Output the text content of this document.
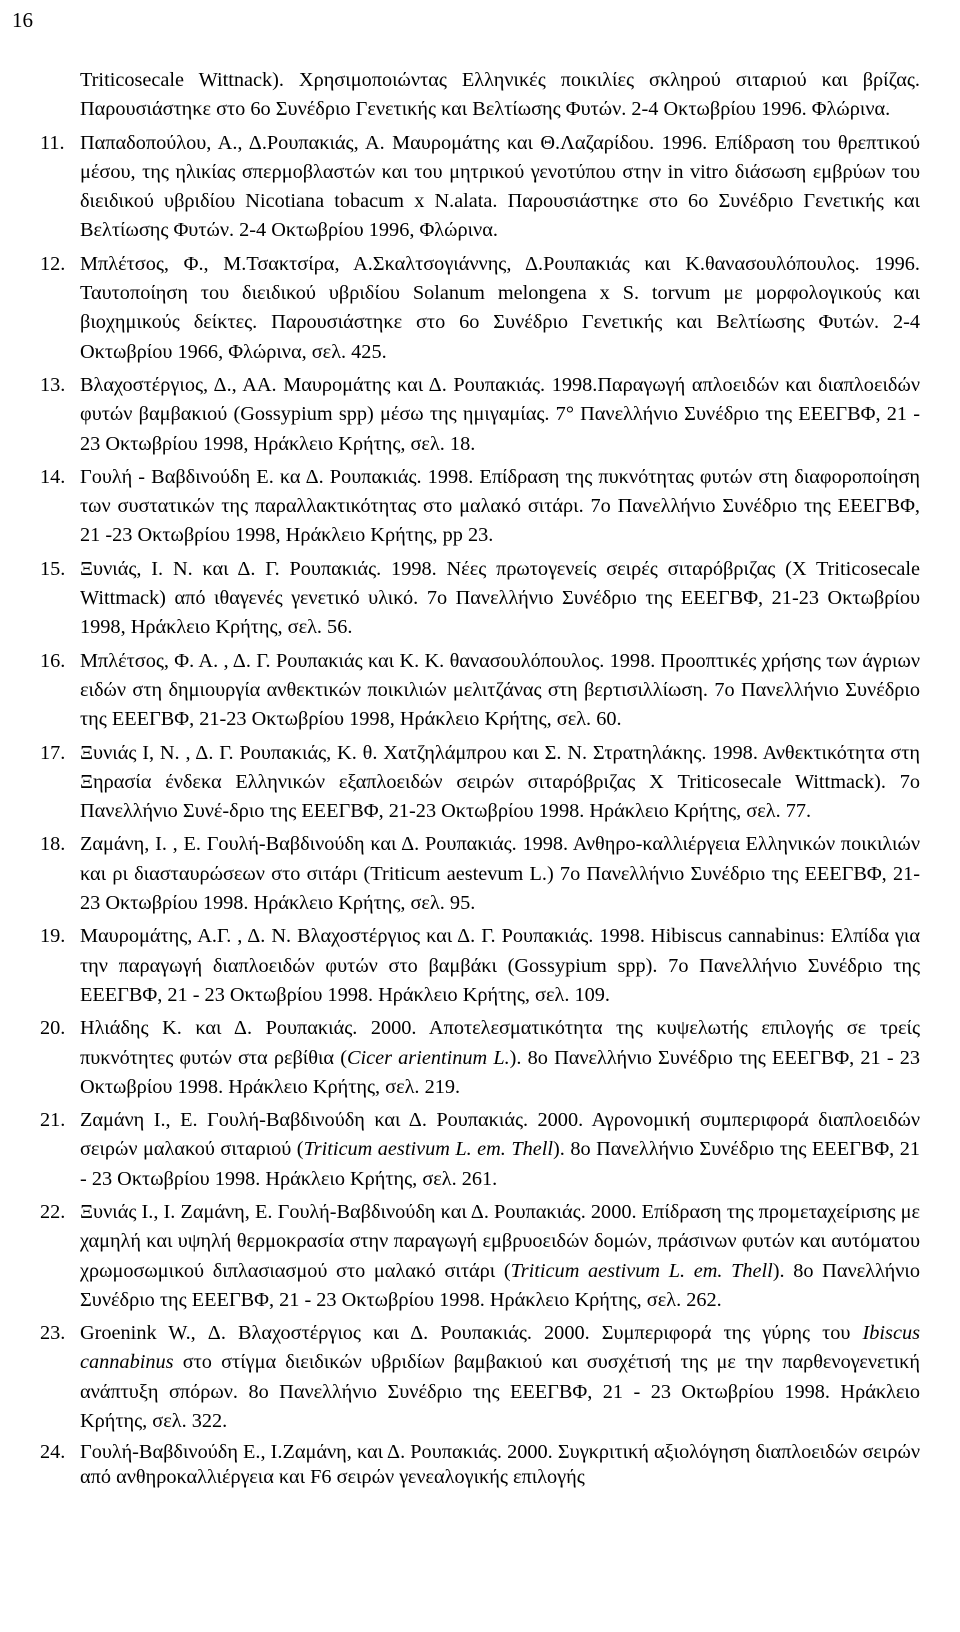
16

Triticosecale Wittnack). Χρησιμοποιώντας Ελληνικές ποικιλίες σκληρού σιταριού και βρίζας. Παρουσιάστηκε στο 6ο Συνέδριο Γενετικής και Βελτίωσης Φυτών. 2-4 Οκτωβρίου 1996. Φλώρινα.

11. Παπαδοπούλου, Α., Δ.Ρουπακιάς, Α. Μαυρομάτης και Θ.Λαζαρίδου. 1996. Επίδραση του θρεπτικού μέσου, της ηλικίας σπερμοβλαστών και του μητρικού γενοτύπου στην in vitro διάσωση εμβρύων του διειδικού υβριδίου Nicotiana tobacum x N.alata. Παρουσιάστηκε στο 6ο Συνέδριο Γενετικής και Βελτίωσης Φυτών. 2-4 Οκτωβρίου 1996, Φλώρινα.

12. Μπλέτσος, Φ., Μ.Τσακτσίρα, Α.Σκαλτσογιάννης, Δ.Ρουπακιάς και Κ.θανασουλόπουλος. 1996. Ταυτοποίηση του διειδικού υβριδίου Solanum melongena x S. torvum με μορφολογικούς και βιοχημικούς δείκτες. Παρουσιάστηκε στο 6ο Συνέδριο Γενετικής και Βελτίωσης Φυτών. 2-4 Οκτωβρίου 1966, Φλώρινα, σελ. 425.

13. Βλαχοστέργιος, Δ., ΑΑ. Μαυρομάτης και Δ. Ρουπακιάς. 1998.Παραγωγή απλοειδών και διαπλοειδών φυτών βαμβακιού (Gossypium spp) μέσω της ημιγαμίας. 7° Πανελλήνιο Συνέδριο της ΕΕΕΓΒΦ, 21 - 23 Οκτωβρίου 1998, Ηράκλειο Κρήτης, σελ. 18.

14. Γουλή - Βαβδινούδη Ε. κα Δ. Ρουπακιάς. 1998. Επίδραση της πυκνότητας φυτών στη διαφοροποίηση των συστατικών της παραλλακτικότητας στο μαλακό σιτάρι. 7ο Πανελλήνιο Συνέδριο της ΕΕΕΓΒΦ, 21 -23 Οκτωβρίου 1998, Ηράκλειο Κρήτης, pp 23.

15. Ξυνιάς, Ι. Ν. και Δ. Γ. Ρουπακιάς. 1998. Νέες πρωτογενείς σειρές σιταρόβριζας (X Triticosecale Wittmack) από ιθαγενές γενετικό υλικό. 7ο Πανελλήνιο Συνέδριο της ΕΕΕΓΒΦ, 21-23 Οκτωβρίου 1998, Ηράκλειο Κρήτης, σελ. 56.

16. Μπλέτσος, Φ. Α. , Δ. Γ. Ρουπακιάς και Κ. Κ. θανασουλόπουλος. 1998. Προοπτικές χρήσης των άγριων ειδών στη δημιουργία ανθεκτικών ποικιλιών μελιτζάνας στη βερτισιλλίωση. 7ο Πανελλήνιο Συνέδριο της ΕΕΕΓΒΦ, 21-23 Οκτωβρίου 1998, Ηράκλειο Κρήτης, σελ. 60.

17. Ξυνιάς Ι, Ν. , Δ. Γ. Ρουπακιάς, Κ. θ. Χατζηλάμπρου και Σ. Ν. Στρατηλάκης. 1998. Ανθεκτικότητα στη Ξηρασία ένδεκα Ελληνικών εξαπλοειδών σειρών σιταρόβριζας Χ Triticosecale Wittmack). 7ο Πανελλήνιο Συνέ-δριο της ΕΕΕΓΒΦ, 21-23 Οκτωβρίου 1998. Ηράκλειο Κρήτης, σελ. 77.

18. Ζαμάνη, Ι. , Ε. Γουλή-Βαβδινούδη και Δ. Ρουπακιάς. 1998. Ανθηρο-καλλιέργεια Ελληνικών ποικιλιών και ρι διασταυρώσεων στο σιτάρι (Triticum aestevum L.) 7ο Πανελλήνιο Συνέδριο της ΕΕΕΓΒΦ, 21-23 Οκτωβρίου 1998. Ηράκλειο Κρήτης, σελ. 95.

19. Μαυρομάτης, Α.Γ. , Δ. Ν. Βλαχοστέργιος και Δ. Γ. Ρουπακιάς. 1998. Hibiscus cannabinus: Ελπίδα για την παραγωγή διαπλοειδών φυτών στο βαμβάκι (Gossypium spp). 7ο Πανελλήνιο Συνέδριο της ΕΕΕΓΒΦ, 21 - 23 Οκτωβρίου 1998. Ηράκλειο Κρήτης, σελ. 109.

20. Ηλιάδης Κ. και Δ. Ρουπακιάς. 2000. Αποτελεσματικότητα της κυψελωτής επιλογής σε τρείς πυκνότητες φυτών στα ρεβίθια (Cicer arientinum L.). 8ο Πανελλήνιο Συνέδριο της ΕΕΕΓΒΦ, 21 - 23 Οκτωβρίου 1998. Ηράκλειο Κρήτης, σελ. 219.

21. Ζαμάνη Ι., Ε. Γουλή-Βαβδινούδη και Δ. Ρουπακιάς. 2000. Αγρονομική συμπεριφορά διαπλοειδών σειρών μαλακού σιταριού (Triticum aestivum L. em. Thell). 8ο Πανελλήνιο Συνέδριο της ΕΕΕΓΒΦ, 21 - 23 Οκτωβρίου 1998. Ηράκλειο Κρήτης, σελ. 261.

22. Ξυνιάς Ι., Ι. Ζαμάνη, Ε. Γουλή-Βαβδινούδη και Δ. Ρουπακιάς. 2000. Επίδραση της προμεταχείρισης με χαμηλή και υψηλή θερμοκρασία στην παραγωγή εμβρυοειδών δομών, πράσινων φυτών και αυτόματου χρωμοσωμικού διπλασιασμού στο μαλακό σιτάρι (Triticum aestivum L. em. Thell). 8ο Πανελλήνιο Συνέδριο της ΕΕΕΓΒΦ, 21 - 23 Οκτωβρίου 1998. Ηράκλειο Κρήτης, σελ. 262.

23. Groenink W., Δ. Βλαχοστέργιος και Δ. Ρουπακιάς. 2000. Συμπεριφορά της γύρης του Ibiscus cannabinus στο στίγμα διειδικών υβριδίων βαμβακιού και συσχέτισή της με την παρθενογενετική ανάπτυξη σπόρων. 8ο Πανελλήνιο Συνέδριο της ΕΕΕΓΒΦ, 21 - 23 Οκτωβρίου 1998. Ηράκλειο Κρήτης, σελ. 322.

24. Γουλή-Βαβδινούδη Ε., Ι.Ζαμάνη, και Δ. Ρουπακιάς. 2000. Συγκριτική αξιολόγηση διαπλοειδών σειρών από ανθηροκαλλιέργεια και F6 σειρών γενεαλογικής επιλογής
